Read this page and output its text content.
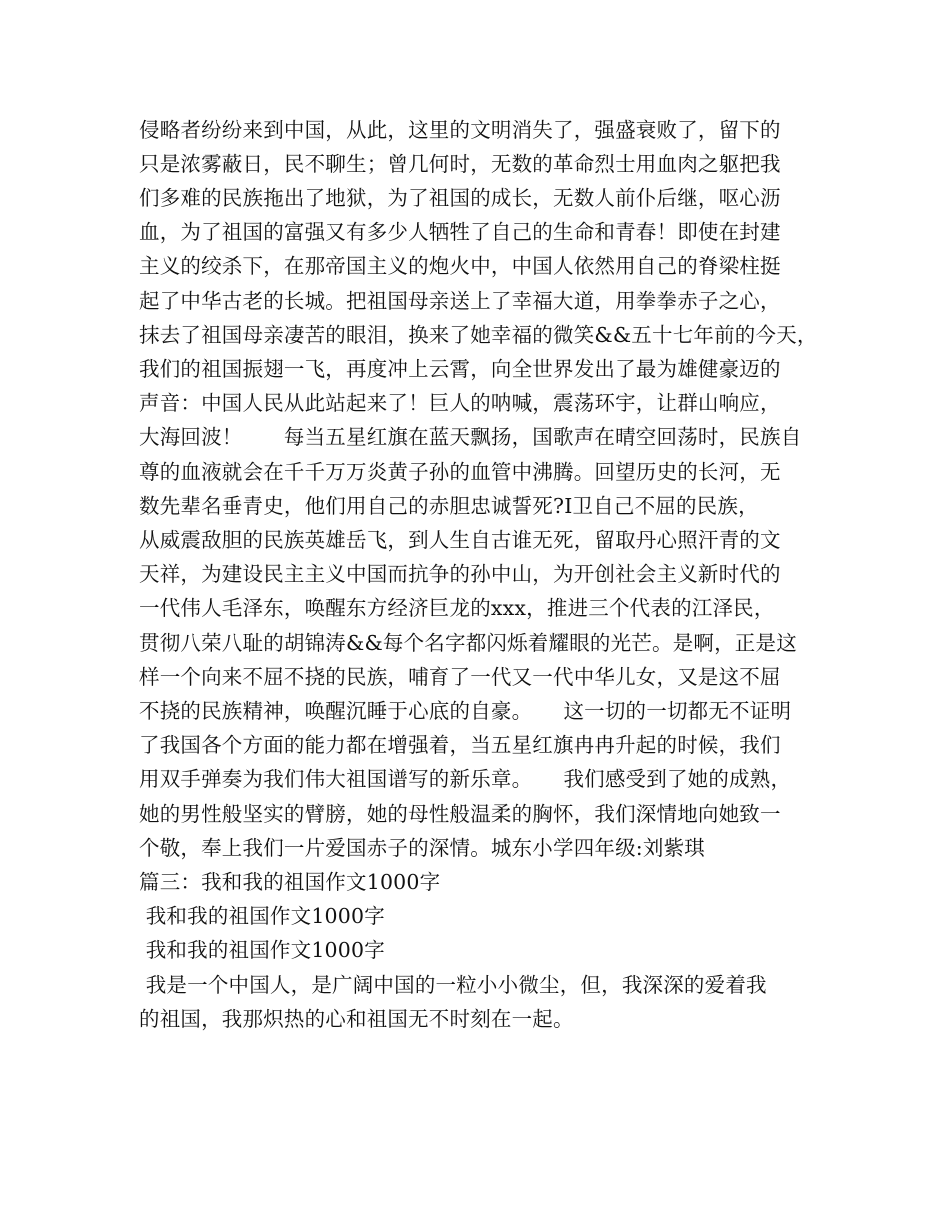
侵略者纷纷来到中国，从此，这里的文明消失了，强盛衰败了，留下的
只是浓雾蔽日，民不聊生；曾几何时，无数的革命烈士用血肉之躯把我
们多难的民族拖出了地狱，为了祖国的成长，无数人前仆后继，呕心沥
血，为了祖国的富强又有多少人牺牲了自己的生命和青春！即使在封建
主义的绞杀下，在那帝国主义的炮火中，中国人依然用自己的脊梁柱挺
起了中华古老的长城。把祖国母亲送上了幸福大道，用拳拳赤子之心，
抹去了祖国母亲凄苦的眼泪，换来了她幸福的微笑&&五十七年前的今天，
我们的祖国振翅一飞，再度冲上云霄，向全世界发出了最为雄健豪迈的
声音：中国人民从此站起来了！巨人的呐喊，震荡环宇，让群山响应，
大海回波！　　每当五星红旗在蓝天飘扬，国歌声在晴空回荡时，民族自
尊的血液就会在千千万万炎黄子孙的血管中沸腾。回望历史的长河，无
数先辈名垂青史，他们用自己的赤胆忠诚誓死?I卫自己不屈的民族，
从威震敌胆的民族英雄岳飞，到人生自古谁无死，留取丹心照汗青的文
天祥，为建设民主主义中国而抗争的孙中山，为开创社会主义新时代的
一代伟人毛泽东，唤醒东方经济巨龙的xxx，推进三个代表的江泽民，
贯彻八荣八耻的胡锦涛&&每个名字都闪烁着耀眼的光芒。是啊，正是这
样一个向来不屈不挠的民族，哺育了一代又一代中华儿女，又是这不屈
不挠的民族精神，唤醒沉睡于心底的自豪。　　这一切的一切都无不证明
了我国各个方面的能力都在增强着，当五星红旗冉冉升起的时候，我们
用双手弹奏为我们伟大祖国谱写的新乐章。　　我们感受到了她的成熟，
她的男性般坚实的臂膀，她的母性般温柔的胸怀，我们深情地向她致一
个敬，奉上我们一片爱国赤子的深情。城东小学四年级:刘紫琪
篇三：我和我的祖国作文1000字
我和我的祖国作文1000字
我和我的祖国作文1000字
我是一个中国人，是广阔中国的一粒小小微尘，但，我深深的爱着我
的祖国，我那炽热的心和祖国无不时刻在一起。
